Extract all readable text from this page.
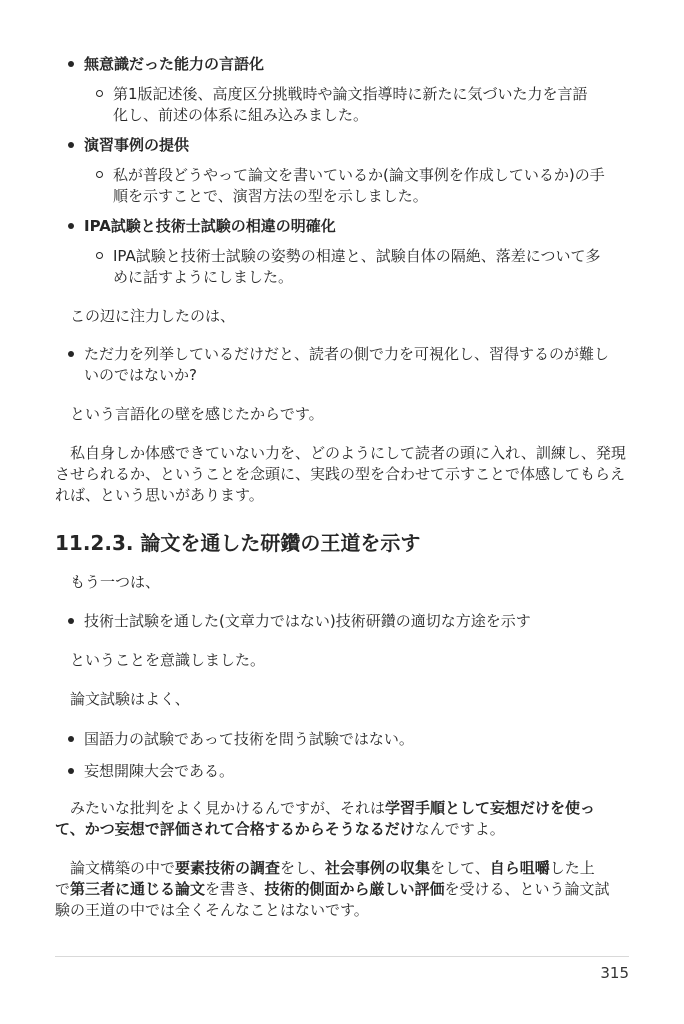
無意識だった能力の言語化
第1版記述後、高度区分挑戦時や論文指導時に新たに気づいた力を言語
化し、前述の体系に組み込みました。
演習事例の提供
私が普段どうやって論文を書いているか(論文事例を作成しているか)の手
順を示すことで、演習方法の型を示しました。
IPA試験と技術士試験の相違の明確化
IPA試験と技術士試験の姿勢の相違と、試験自体の隔絶、落差について多
めに話すようにしました。
この辺に注力したのは、
ただ力を列挙しているだけだと、読者の側で力を可視化し、習得するのが難し
いのではないか?
という言語化の壁を感じたからです。
私自身しか体感できていない力を、どのようにして読者の頭に入れ、訓練し、発現
させられるか、ということを念頭に、実践の型を合わせて示すことで体感してもらえ
れば、という思いがあります。
11.2.3. 論文を通した研鑽の王道を示す
もう一つは、
技術士試験を通した(文章力ではない)技術研鑽の適切な方途を示す
ということを意識しました。
論文試験はよく、
国語力の試験であって技術を問う試験ではない。
妄想開陳大会である。
みたいな批判をよく見かけるんですが、それは学習手順として妄想だけを使っ
て、かつ妄想で評価されて合格するからそうなるだけなんですよ。
論文構築の中で要素技術の調査をし、社会事例の収集をして、自ら咀嚼した上
で第三者に通じる論文を書き、技術的側面から厳しい評価を受ける、という論文試
験の王道の中では全くそんなことはないです。
315
